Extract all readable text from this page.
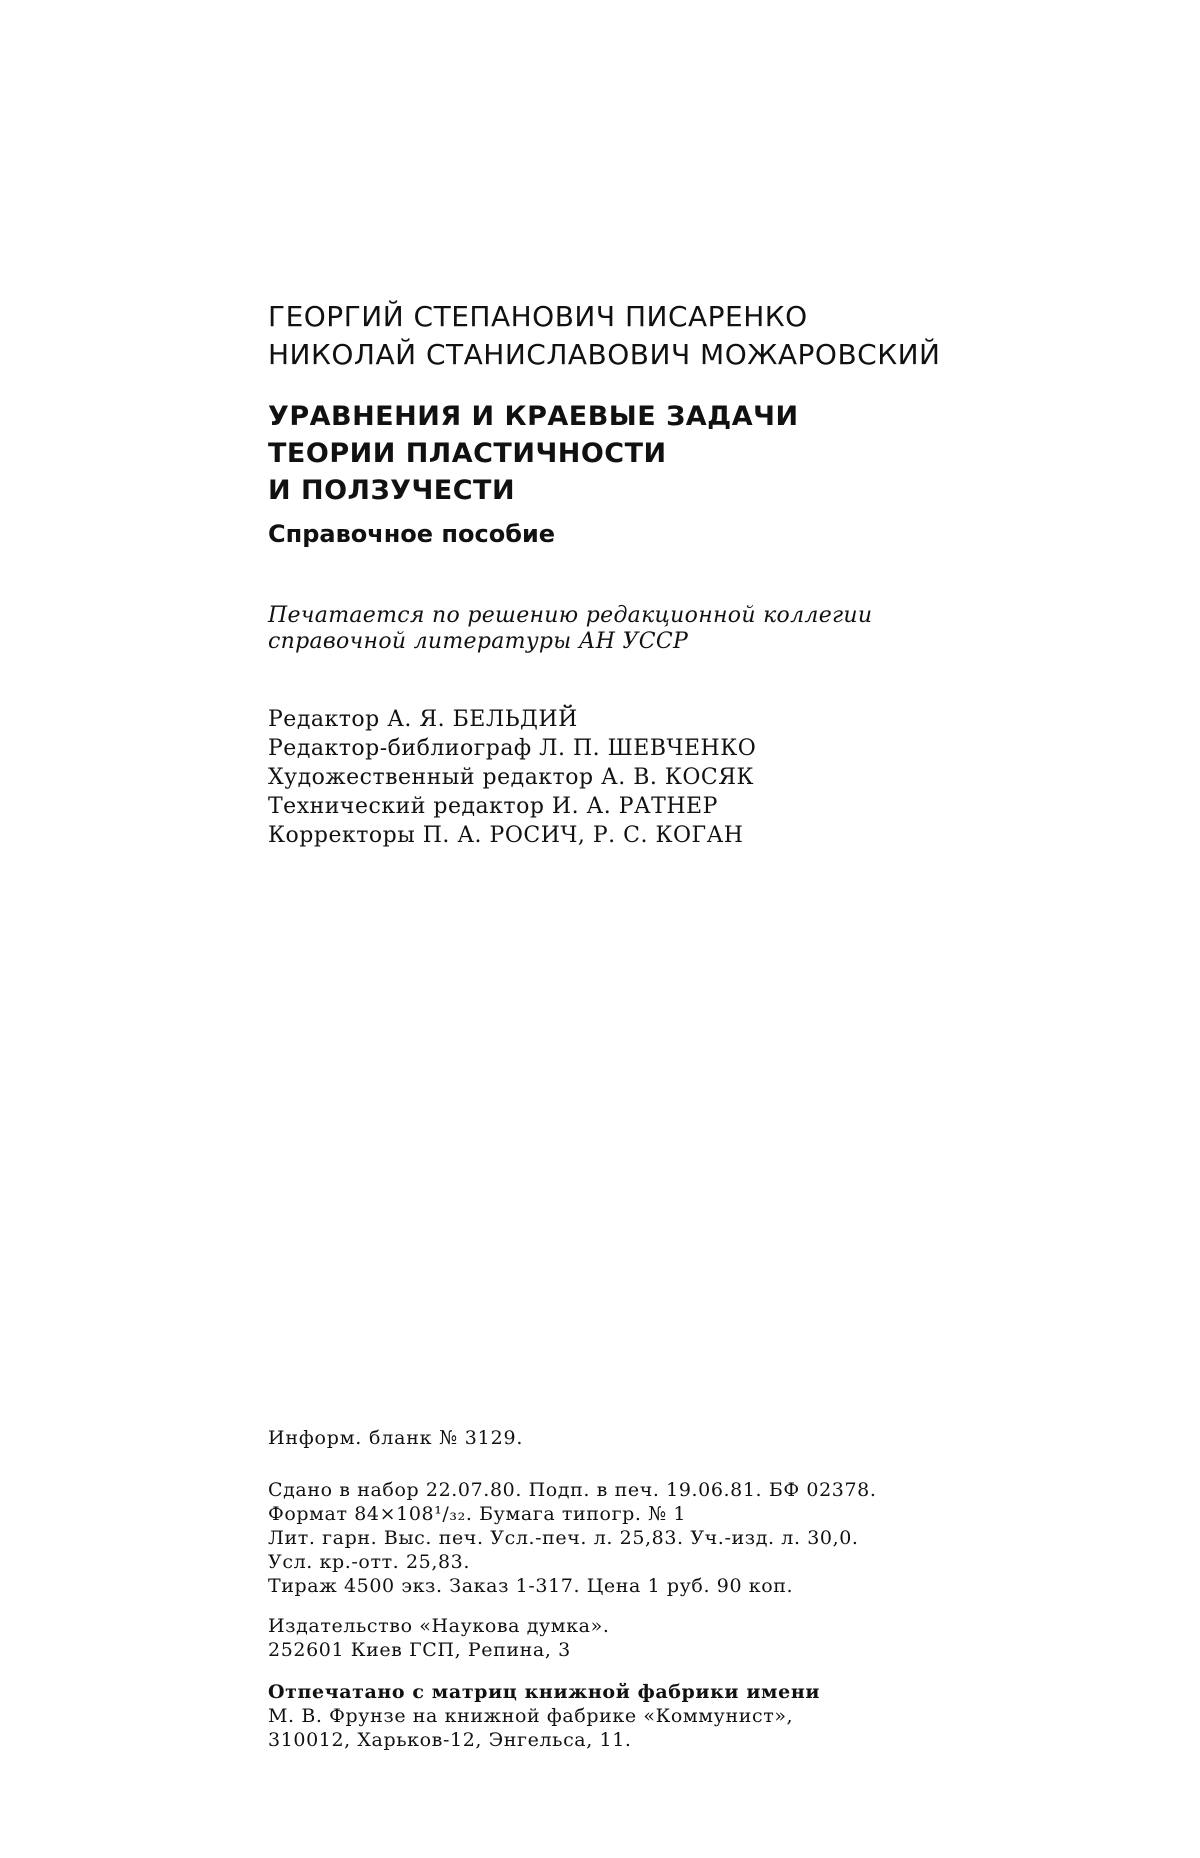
ГЕОРГИЙ СТЕПАНОВИЧ ПИСАРЕНКО
НИКОЛАЙ СТАНИСЛАВОВИЧ МОЖАРОВСКИЙ
УРАВНЕНИЯ И КРАЕВЫЕ ЗАДАЧИ
ТЕОРИИ ПЛАСТИЧНОСТИ
И ПОЛЗУЧЕСТИ
Справочное пособие
Печатается по решению редакционной коллегии
справочной литературы АН УССР
Редактор А. Я. БЕЛЬДИЙ
Редактор-библиограф Л. П. ШЕВЧЕНКО
Художественный редактор А. В. КОСЯК
Технический редактор И. А. РАТНЕР
Корректоры П. А. РОСИЧ, Р. С. КОГАН
Информ. бланк № 3129.
Сдано в набор 22.07.80. Подп. в печ. 19.06.81. БФ 02378.
Формат 84×108¹/₃₂. Бумага типогр. № 1
Лит. гарн. Выс. печ. Усл.-печ. л. 25,83. Уч.-изд. л. 30,0.
Усл. кр.-отт. 25,83.
Тираж 4500 экз. Заказ 1-317. Цена 1 руб. 90 коп.
Издательство «Наукова думка».
252601 Киев ГСП, Репина, 3
Отпечатано с матриц книжной фабрики имени
М. В. Фрунзе на книжной фабрике «Коммунист»,
310012, Харьков-12, Энгельса, 11.
